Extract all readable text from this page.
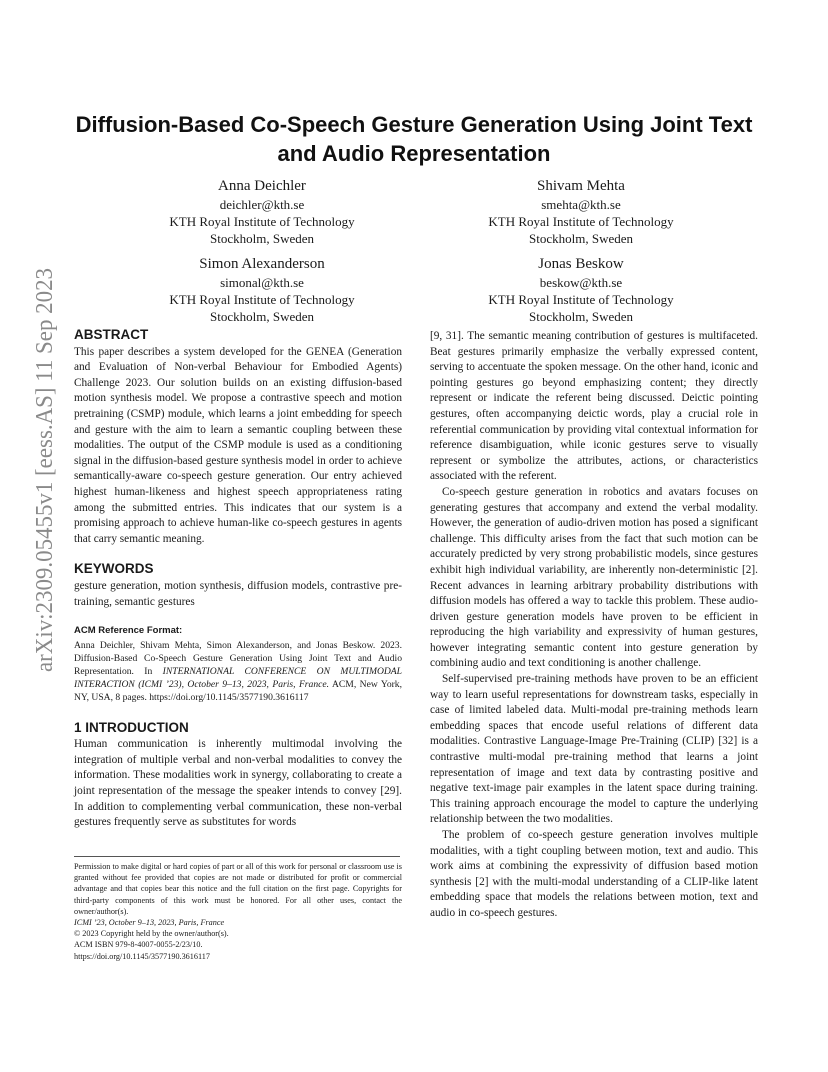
arXiv:2309.05455v1 [eess.AS] 11 Sep 2023
Diffusion-Based Co-Speech Gesture Generation Using Joint Text and Audio Representation
Anna Deichler
deichler@kth.se
KTH Royal Institute of Technology
Stockholm, Sweden
Shivam Mehta
smehta@kth.se
KTH Royal Institute of Technology
Stockholm, Sweden
Simon Alexanderson
simonal@kth.se
KTH Royal Institute of Technology
Stockholm, Sweden
Jonas Beskow
beskow@kth.se
KTH Royal Institute of Technology
Stockholm, Sweden
ABSTRACT

This paper describes a system developed for the GENEA (Generation and Evaluation of Non-verbal Behaviour for Embodied Agents) Challenge 2023. Our solution builds on an existing diffusion-based motion synthesis model. We propose a contrastive speech and motion pretraining (CSMP) module, which learns a joint embedding for speech and gesture with the aim to learn a semantic coupling between these modalities. The output of the CSMP module is used as a conditioning signal in the diffusion-based gesture synthesis model in order to achieve semantically-aware co-speech gesture generation. Our entry achieved highest human-likeness and highest speech appropriateness rating among the submitted entries. This indicates that our system is a promising approach to achieve human-like co-speech gestures in agents that carry semantic meaning.

KEYWORDS

gesture generation, motion synthesis, diffusion models, contrastive pre-training, semantic gestures

ACM Reference Format:

Anna Deichler, Shivam Mehta, Simon Alexanderson, and Jonas Beskow. 2023. Diffusion-Based Co-Speech Gesture Generation Using Joint Text and Audio Representation. In INTERNATIONAL CONFERENCE ON MULTIMODAL INTERACTION (ICMI ’23), October 9–13, 2023, Paris, France. ACM, New York, NY, USA, 8 pages. https://doi.org/10.1145/3577190.3616117

1 INTRODUCTION

Human communication is inherently multimodal involving the integration of multiple verbal and non-verbal modalities to convey the information. These modalities work in synergy, collaborating to create a joint representation of the message the speaker intends to convey [29]. In addition to complementing verbal communication, these non-verbal gestures frequently serve as substitutes for words

Permission to make digital or hard copies of part or all of this work for personal or classroom use is granted without fee provided that copies are not made or distributed for profit or commercial advantage and that copies bear this notice and the full citation on the first page. Copyrights for third-party components of this work must be honored. For all other uses, contact the owner/author(s).

ICMI ’23, October 9–13, 2023, Paris, France

© 2023 Copyright held by the owner/author(s).

ACM ISBN 979-8-4007-0055-2/23/10.

https://doi.org/10.1145/3577190.3616117

[9, 31]. The semantic meaning contribution of gestures is multifaceted. Beat gestures primarily emphasize the verbally expressed content, serving to accentuate the spoken message. On the other hand, iconic and pointing gestures go beyond emphasizing content; they directly represent or indicate the referent being discussed. Deictic pointing gestures, often accompanying deictic words, play a crucial role in referential communication by providing vital contextual information for reference disambiguation, while iconic gestures serve to visually represent or symbolize the attributes, actions, or characteristics associated with the referent.

Co-speech gesture generation in robotics and avatars focuses on generating gestures that accompany and extend the verbal modality. However, the generation of audio-driven motion has posed a significant challenge. This difficulty arises from the fact that such motion can be accurately predicted by very strong probabilistic models, since gestures exhibit high individual variability, are inherently non-deterministic [2]. Recent advances in learning arbitrary probability distributions with diffusion models has offered a way to tackle this problem. These audio-driven gesture generation models have proven to be efficient in reproducing the high variability and expressivity of human gestures, however integrating semantic content into gesture generation by combining audio and text conditioning is another challenge.

Self-supervised pre-training methods have proven to be an efficient way to learn useful representations for downstream tasks, especially in case of limited labeled data. Multi-modal pre-training methods learn embedding spaces that encode useful relations of different data modalities. Contrastive Language-Image Pre-Training (CLIP) [32] is a contrastive multi-modal pre-training method that learns a joint representation of image and text data by contrasting positive and negative text-image pair examples in the latent space during training. This training approach encourage the model to capture the underlying relationship between the two modalities.

The problem of co-speech gesture generation involves multiple modalities, with a tight coupling between motion, text and audio. This work aims at combining the expressivity of diffusion based motion synthesis [2] with the multi-modal understanding of a CLIP-like latent embedding space that models the relations between motion, text and audio in co-speech gestures.
